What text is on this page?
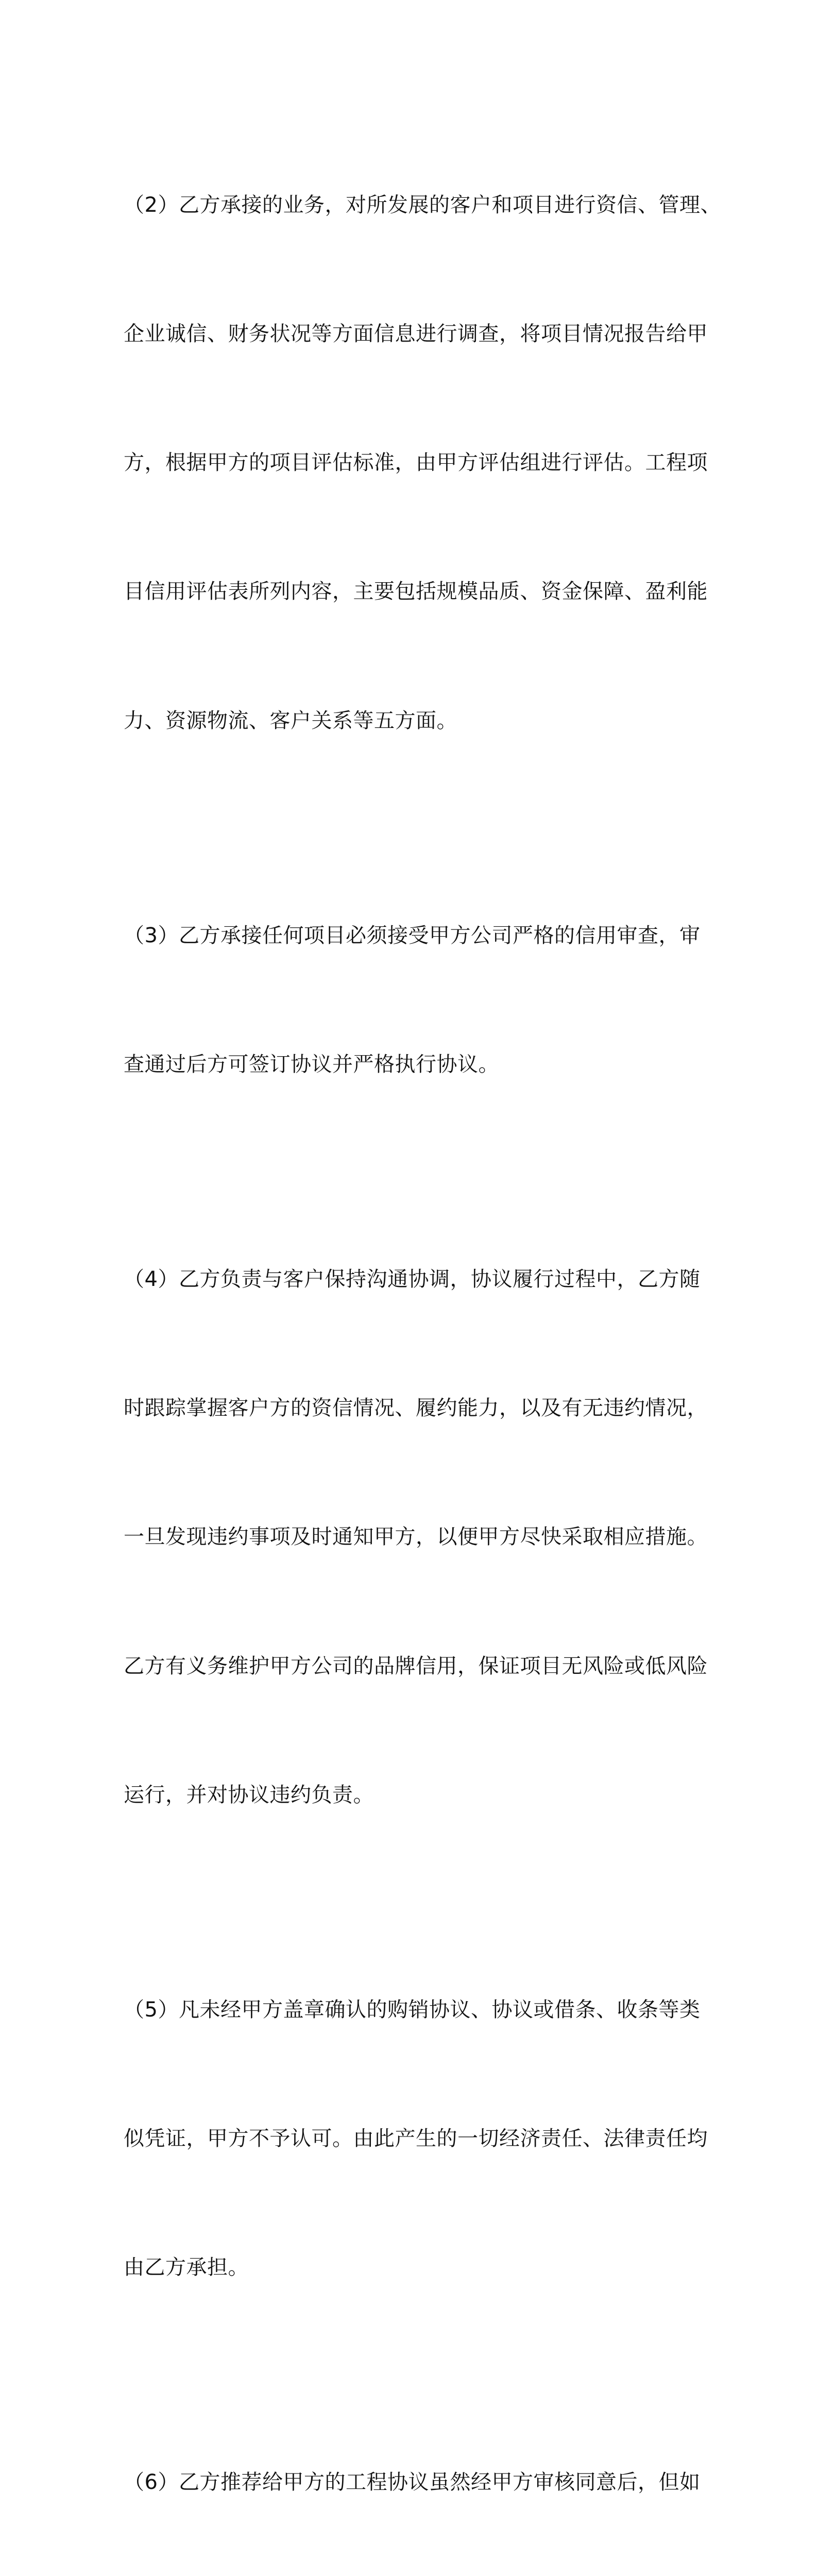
（2）乙方承接的业务，对所发展的客户和项目进行资信、管理、

企业诚信、财务状况等方面信息进行调查，将项目情况报告给甲

方，根据甲方的项目评估标准，由甲方评估组进行评估。工程项

目信用评估表所列内容，主要包括规模品质、资金保障、盈利能

力、资源物流、客户关系等五方面。

（3）乙方承接任何项目必须接受甲方公司严格的信用审查，审

查通过后方可签订协议并严格执行协议。

（4）乙方负责与客户保持沟通协调，协议履行过程中，乙方随

时跟踪掌握客户方的资信情况、履约能力，以及有无违约情况，

一旦发现违约事项及时通知甲方，以便甲方尽快采取相应措施。

乙方有义务维护甲方公司的品牌信用，保证项目无风险或低风险

运行，并对协议违约负责。

（5）凡未经甲方盖章确认的购销协议、协议或借条、收条等类

似凭证，甲方不予认可。由此产生的一切经济责任、法律责任均

由乙方承担。

（6）乙方推荐给甲方的工程协议虽然经甲方审核同意后，但如
